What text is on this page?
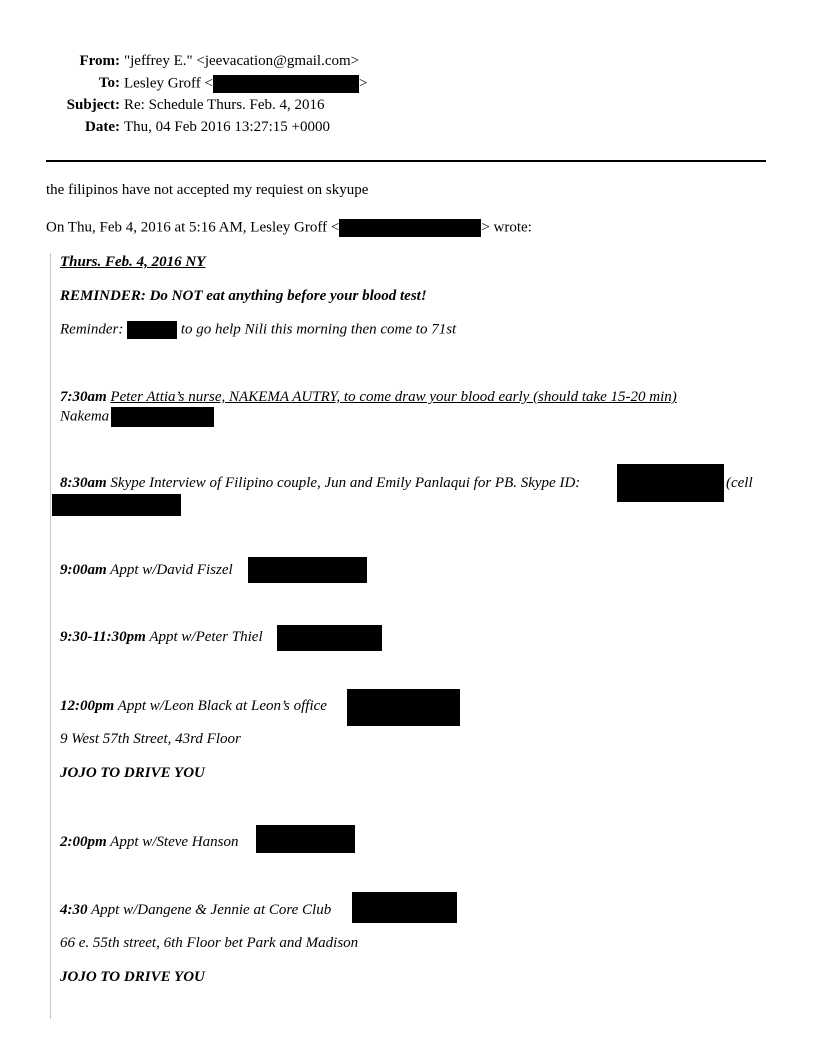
From: "jeffrey E." <jeevacation@gmail.com>
To: Lesley Groff <	>
Subject: Re: Schedule Thurs. Feb. 4, 2016
Date: Thu, 04 Feb 2016 13:27:15 +0000
the filipinos have not accepted my requiest on skyupe
On Thu, Feb 4, 2016 at 5:16 AM, Lesley Groff <	> wrote:
Thurs. Feb. 4, 2016 NY
REMINDER: Do NOT eat anything before your blood test!
Reminder:	to go help Nili this morning then come to 71st
7:30am Peter Attia’s nurse, NAKEMA AUTRY, to come draw your blood early (should take 15-20 min)
Nakema
8:30am Skype Interview of Filipino couple, Jun and Emily Panlaqui for PB. Skype ID:	(cell
9:00am Appt w/David Fiszel
9:30-11:30pm Appt w/Peter Thiel
12:00pm Appt w/Leon Black at Leon’s office
9 West 57th Street, 43rd Floor
JOJO TO DRIVE YOU
2:00pm Appt w/Steve Hanson
4:30 Appt w/Dangene & Jennie at Core Club
66 e. 55th street, 6th Floor bet Park and Madison
JOJO TO DRIVE YOU
